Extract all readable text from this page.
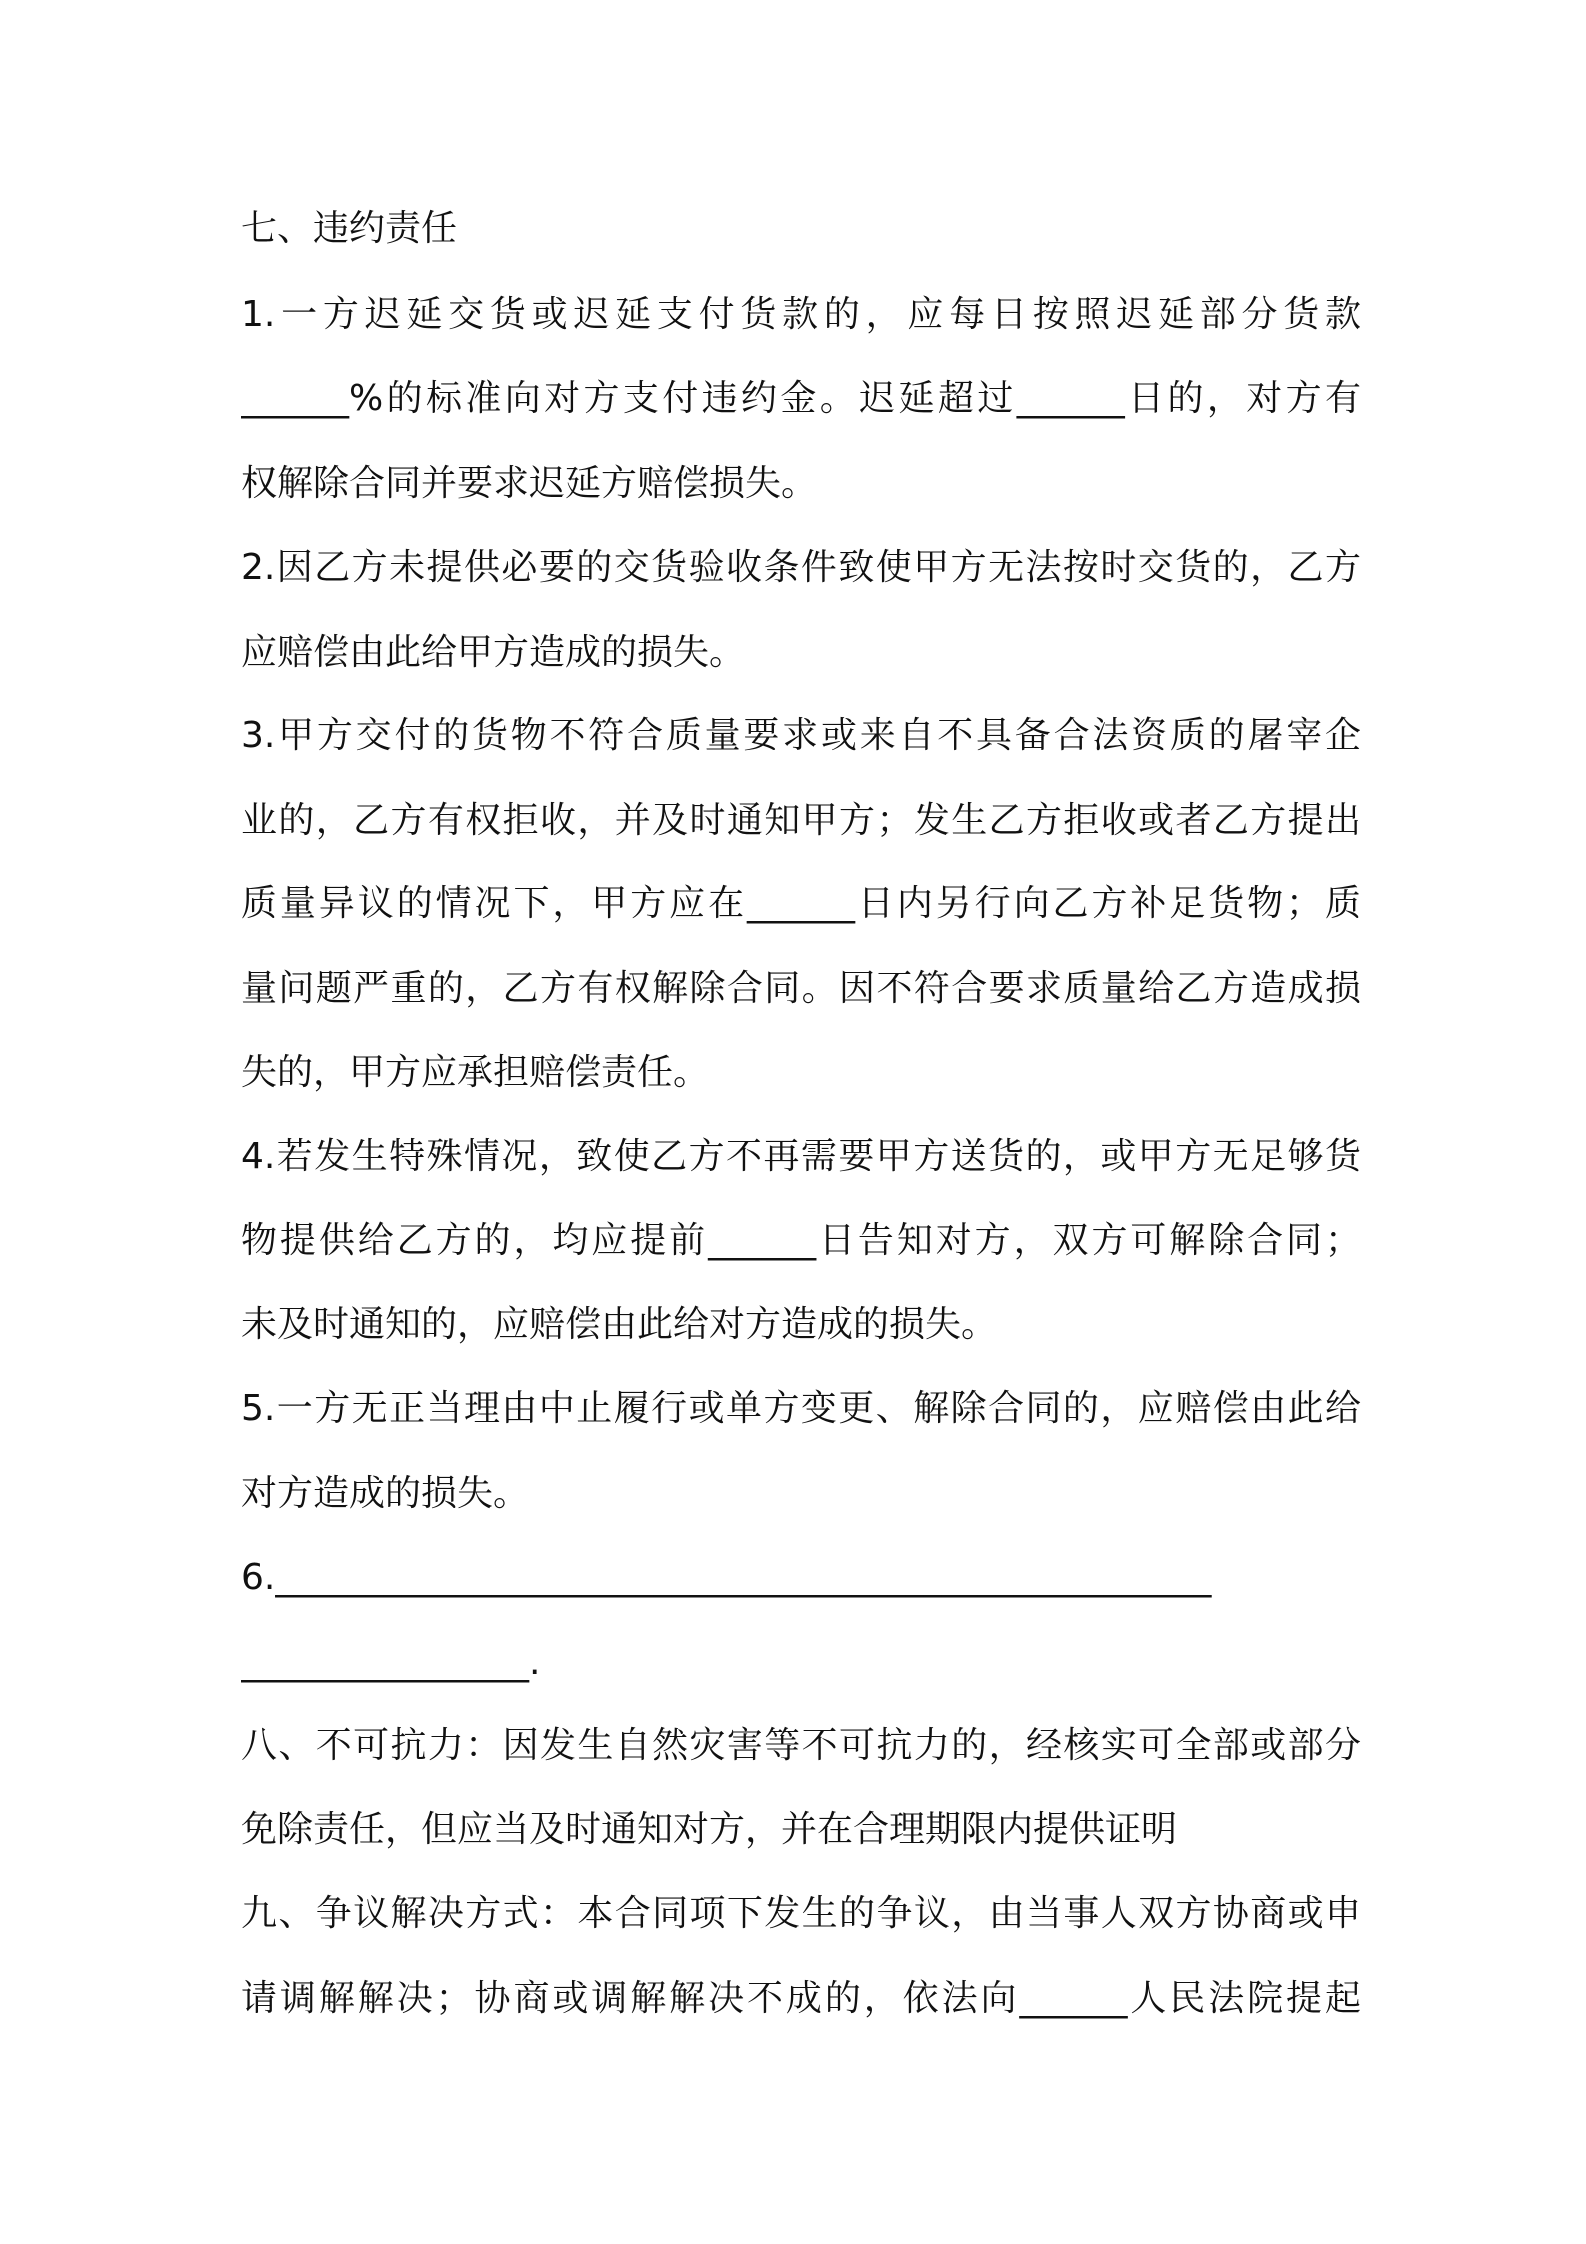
七、违约责任
1.一方迟延交货或迟延支付货款的，应每日按照迟延部分货款
______%的标准向对方支付违约金。迟延超过______日的，对方有
权解除合同并要求迟延方赔偿损失。
2.因乙方未提供必要的交货验收条件致使甲方无法按时交货的，乙方
应赔偿由此给甲方造成的损失。
3.甲方交付的货物不符合质量要求或来自不具备合法资质的屠宰企
业的，乙方有权拒收，并及时通知甲方；发生乙方拒收或者乙方提出
质量异议的情况下，甲方应在______日内另行向乙方补足货物；质
量问题严重的，乙方有权解除合同。因不符合要求质量给乙方造成损
失的，甲方应承担赔偿责任。
4.若发生特殊情况，致使乙方不再需要甲方送货的，或甲方无足够货
物提供给乙方的，均应提前______日告知对方，双方可解除合同；
未及时通知的，应赔偿由此给对方造成的损失。
5.一方无正当理由中止履行或单方变更、解除合同的，应赔偿由此给
对方造成的损失。
6.____________________________________________________
________________.
八、不可抗力：因发生自然灾害等不可抗力的，经核实可全部或部分
免除责任，但应当及时通知对方，并在合理期限内提供证明
九、争议解决方式：本合同项下发生的争议，由当事人双方协商或申
请调解解决；协商或调解解决不成的，依法向______人民法院提起
